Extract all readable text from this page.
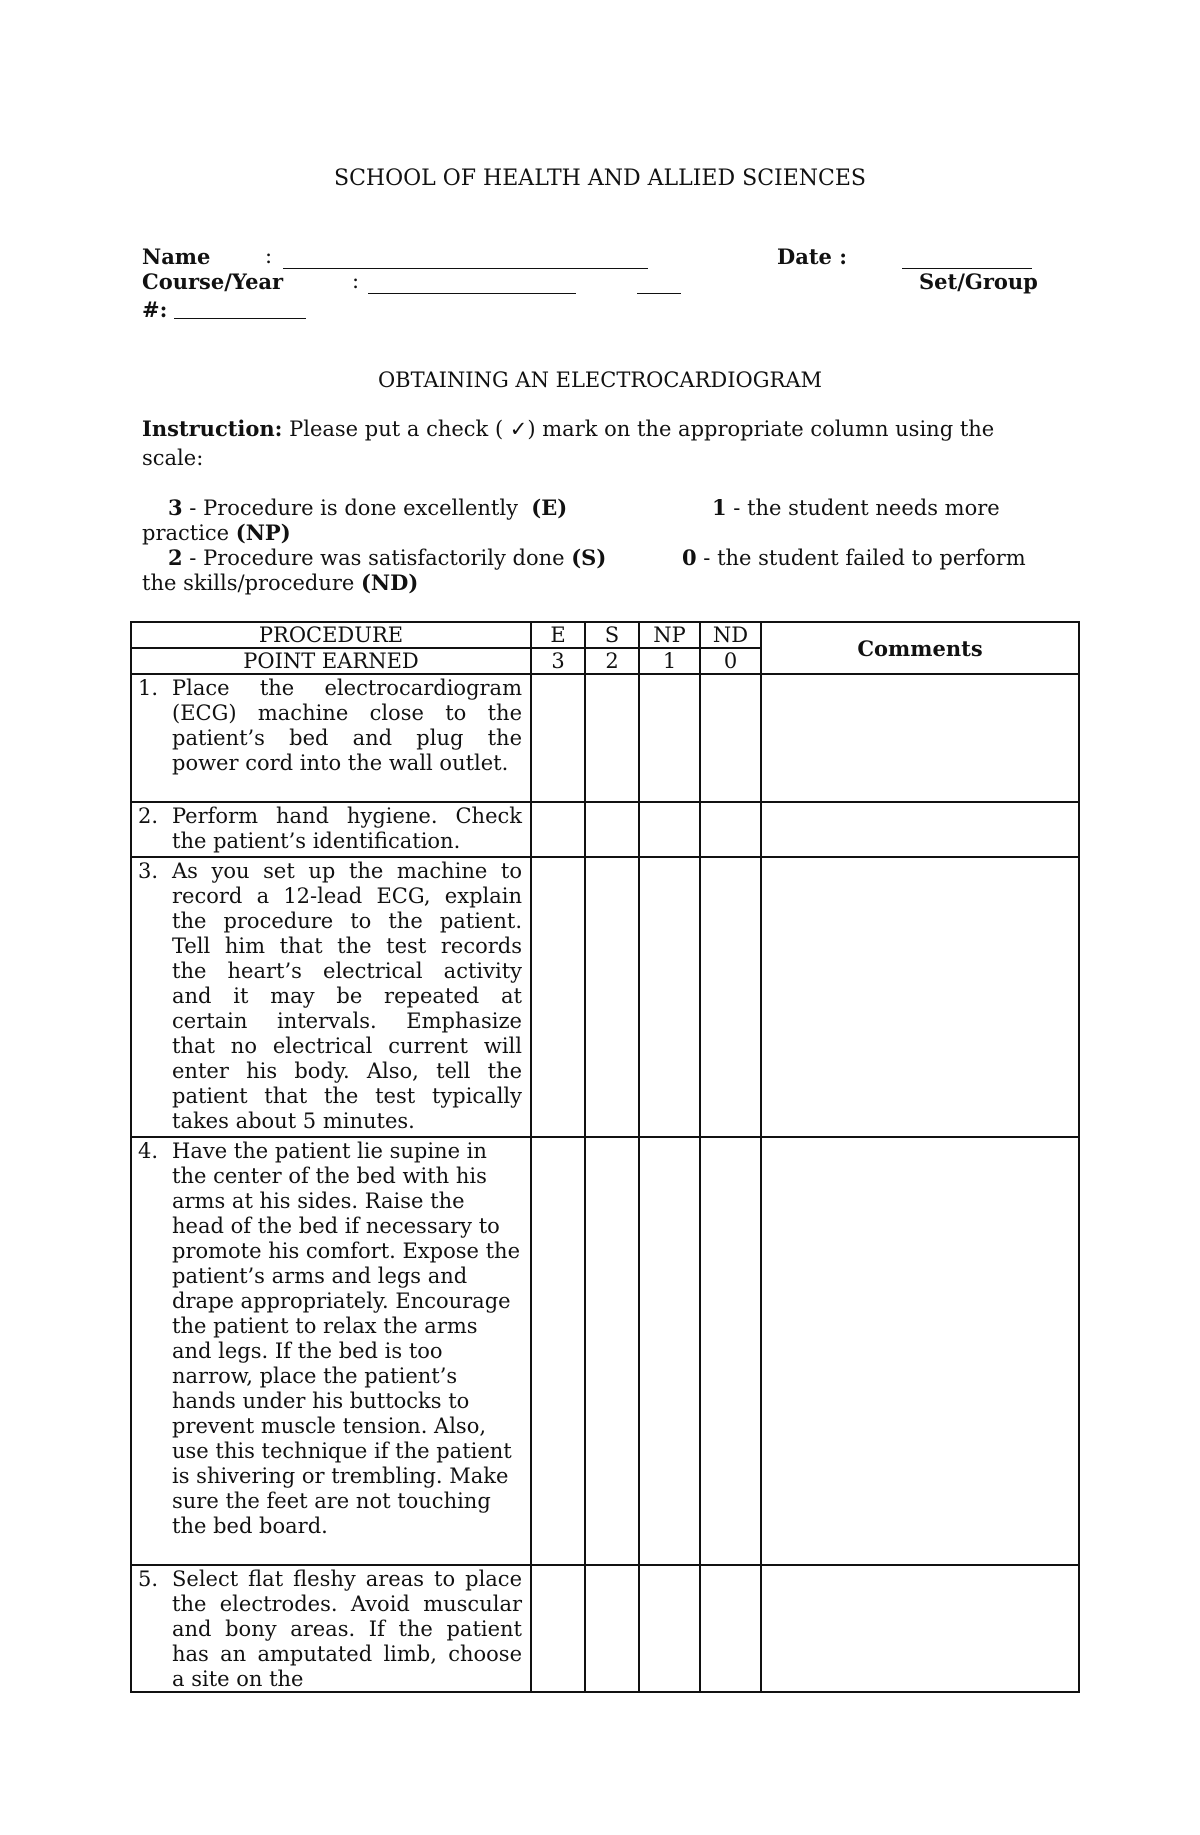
SCHOOL OF HEALTH AND ALLIED SCIENCES
Name	:	Date :
Course/Year	:	Set/Group
#:
OBTAINING AN ELECTROCARDIOGRAM
Instruction: Please put a check ( ✓) mark on the appropriate column using the
scale:
3 - Procedure is done excellently  (E)	1 - the student needs more
practice (NP)
2 - Procedure was satisfactorily done (S)	0 - the student failed to perform
the skills/procedure (ND)
PROCEDURE	E	S	NP	ND	Comments
POINT EARNED	3	2	1	0	

1. Place the electrocardiogram (ECG) machine close to the patient’s bed and plug the power cord into the wall outlet.					

2. Perform hand hygiene. Check the patient’s identification.					

3. As you set up the machine to record a 12-lead ECG, explain the procedure to the patient. Tell him that the test records the heart’s electrical activity and it may be repeated at certain intervals. Emphasize that no electrical current will enter his body. Also, tell the patient that the test typically takes about 5 minutes.					

4. Have the patient lie supine in the center of the bed with his arms at his sides. Raise the head of the bed if necessary to promote his comfort. Expose the patient’s arms and legs and drape appropriately. Encourage the patient to relax the arms and legs. If the bed is too narrow, place the patient’s hands under his buttocks to prevent muscle tension. Also, use this technique if the patient is shivering or trembling. Make sure the feet are not touching the bed board.					

5. Select flat fleshy areas to place the electrodes. Avoid muscular and bony areas. If the patient has an amputated limb, choose a site on the					
